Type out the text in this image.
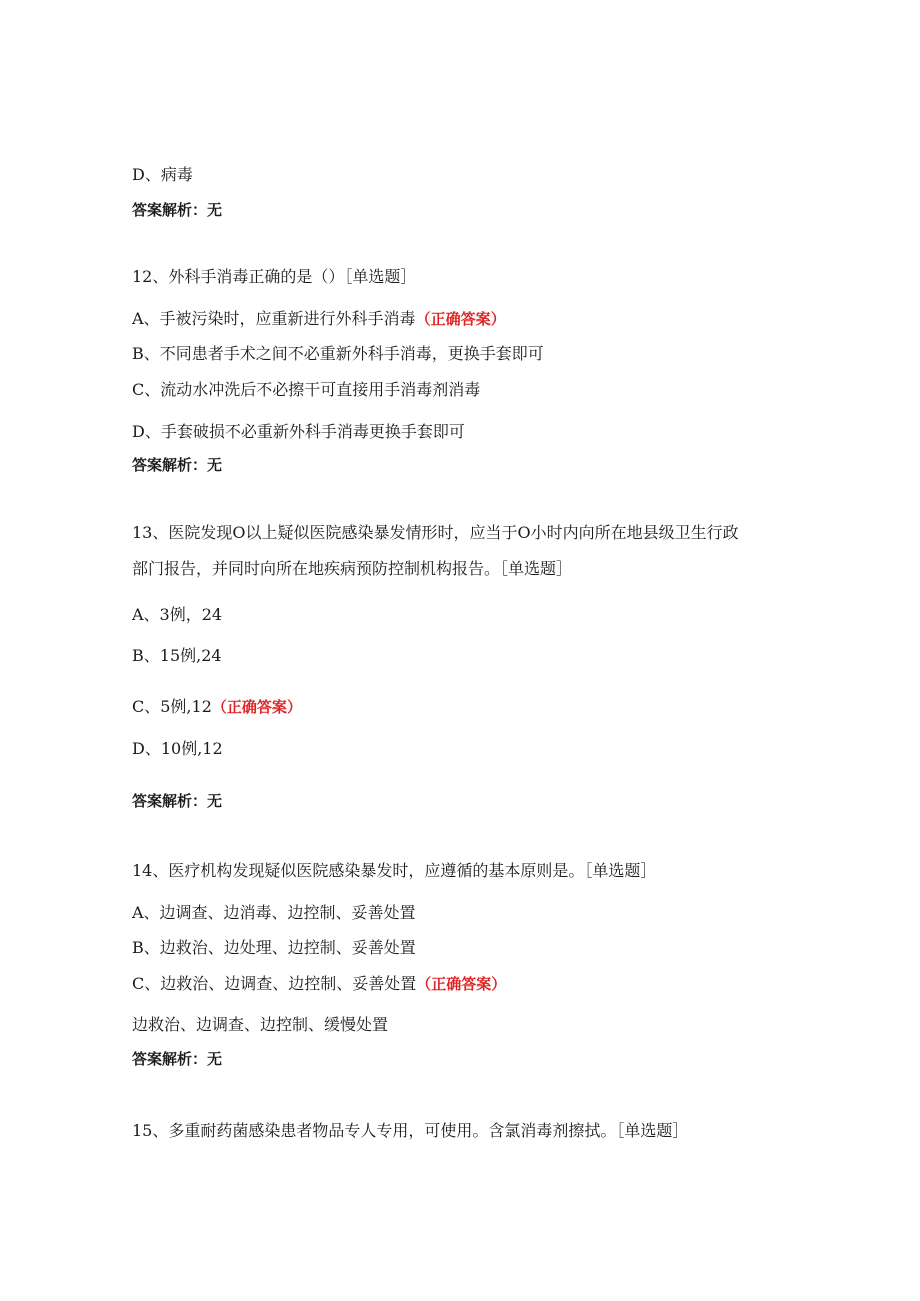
D、病毒
答案解析：无
12、外科手消毒正确的是（）［单选题］
A、手被污染时，应重新进行外科手消毒（正确答案）
B、不同患者手术之间不必重新外科手消毒，更换手套即可
C、流动水冲洗后不必擦干可直接用手消毒剂消毒
D、手套破损不必重新外科手消毒更换手套即可
答案解析：无
13、医院发现O以上疑似医院感染暴发情形时，应当于O小时内向所在地县级卫生行政
部门报告，并同时向所在地疾病预防控制机构报告。［单选题］
A、3例，24
B、15例,24
C、5例,12（正确答案）
D、10例,12
答案解析：无
14、医疗机构发现疑似医院感染暴发时，应遵循的基本原则是。［单选题］
A、边调查、边消毒、边控制、妥善处置
B、边救治、边处理、边控制、妥善处置
C、边救治、边调查、边控制、妥善处置（正确答案）
边救治、边调查、边控制、缓慢处置
答案解析：无
15、多重耐药菌感染患者物品专人专用，可使用。含氯消毒剂擦拭。［单选题］
